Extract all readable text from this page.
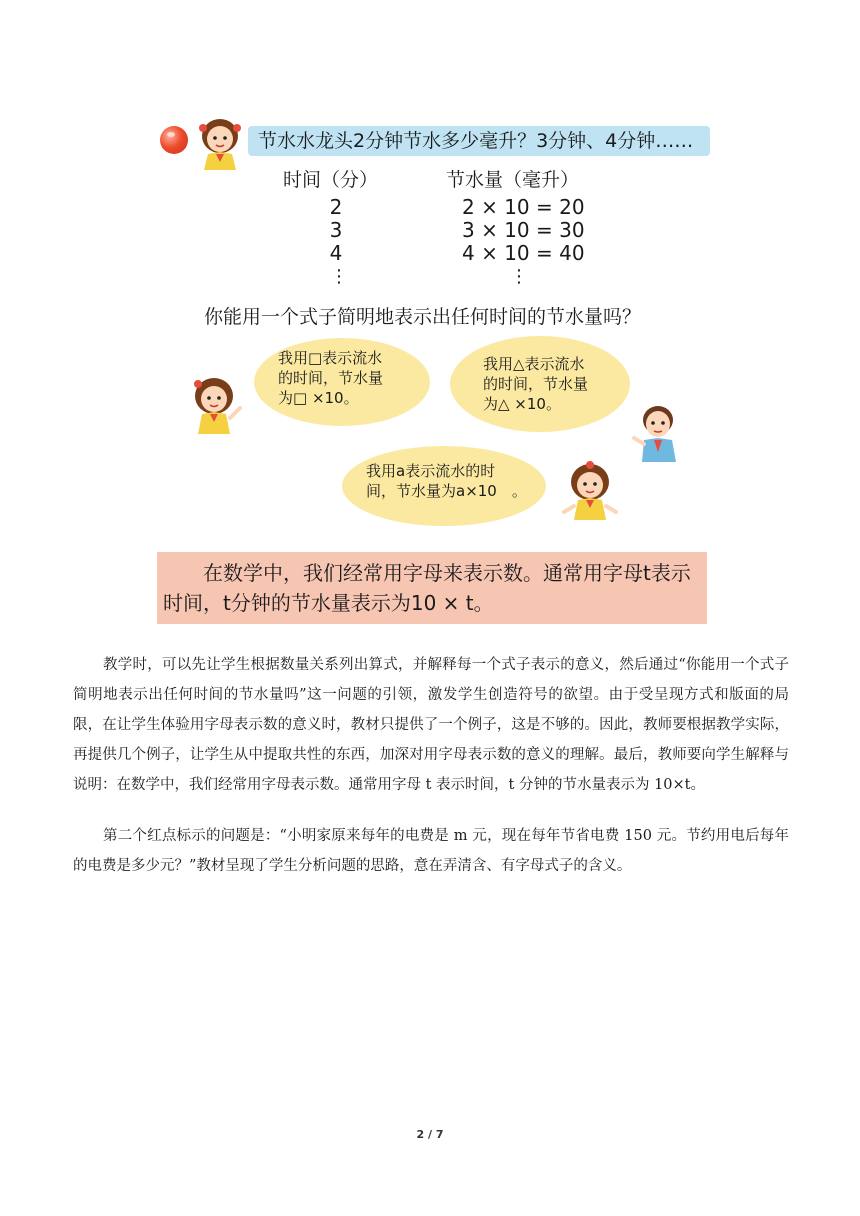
节水水龙头2分钟节水多少毫升？3分钟、4分钟……
时间（分）	节水量（毫升）
2	2 × 10 = 20
3	3 × 10 = 30
4	4 × 10 = 40
⋮	⋮
你能用一个式子简明地表示出任何时间的节水量吗？
我用□表示流水
的时间，节水量
为□ ×10。
我用△表示流水
的时间，节水量
为△ ×10。
我用a表示流水的时
间，节水量为a×10　。
在数学中，我们经常用字母来表示数。通常用字母t表示
时间，t分钟的节水量表示为10 × t。
教学时，可以先让学生根据数量关系列出算式，并解释每一个式子表示的意义，然后通过“你能用一个式子简明地表示出任何时间的节水量吗”这一问题的引领，激发学生创造符号的欲望。由于受呈现方式和版面的局限，在让学生体验用字母表示数的意义时，教材只提供了一个例子，这是不够的。因此，教师要根据教学实际，再提供几个例子，让学生从中提取共性的东西，加深对用字母表示数的意义的理解。最后，教师要向学生解释与说明：在数学中，我们经常用字母表示数。通常用字母 t 表示时间，t 分钟的节水量表示为 10×t。
第二个红点标示的问题是：“小明家原来每年的电费是 m 元，现在每年节省电费 150 元。节约用电后每年的电费是多少元？”教材呈现了学生分析问题的思路，意在弄清含、有字母式子的含义。
2 / 7
